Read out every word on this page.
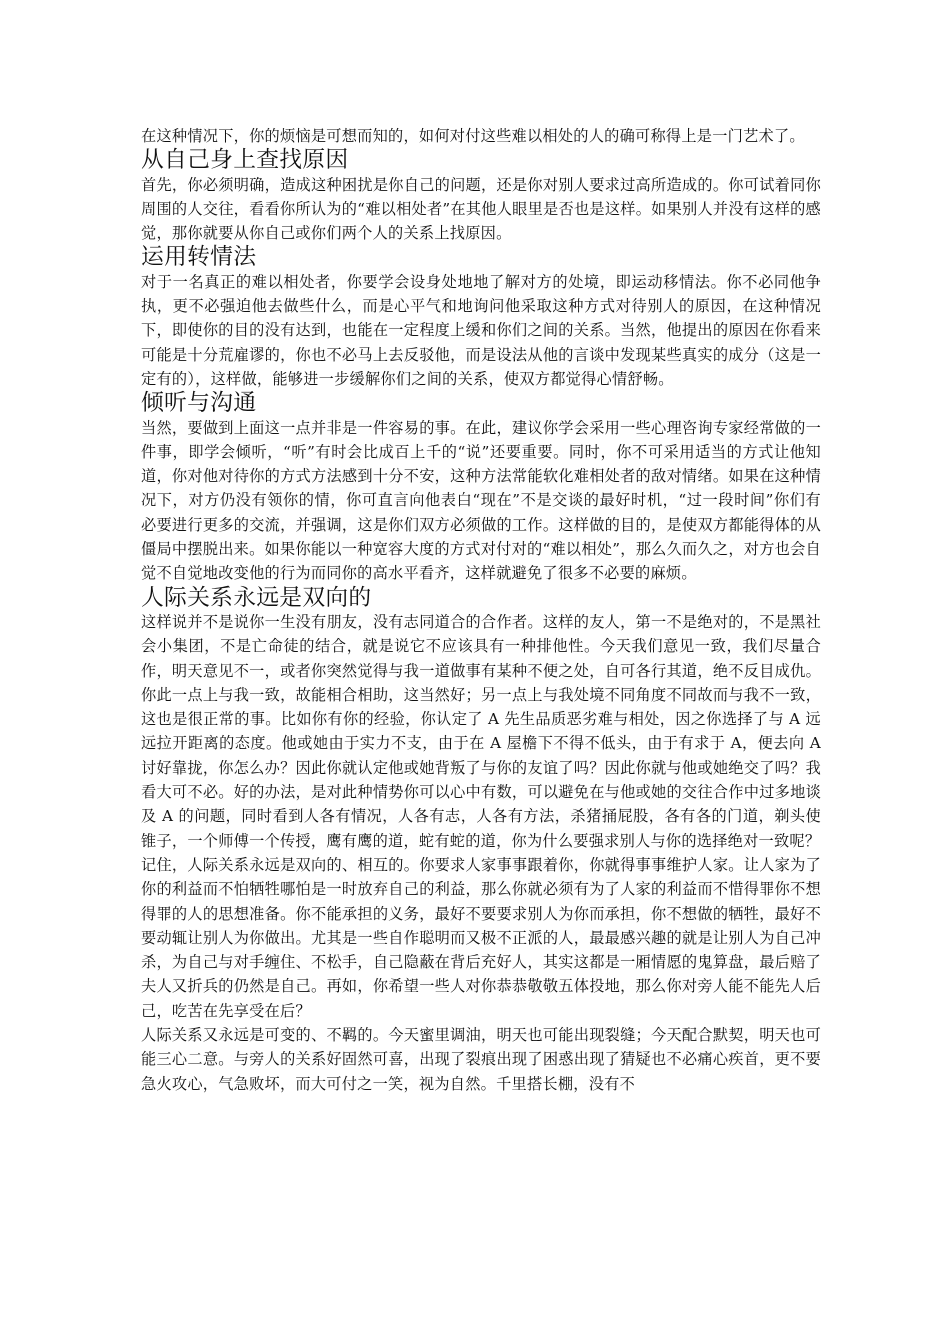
在这种情况下，你的烦恼是可想而知的，如何对付这些难以相处的人的确可称得上是一门艺术了。

从自己身上查找原因

首先，你必须明确，造成这种困扰是你自己的问题，还是你对别人要求过高所造成的。你可试着同你周围的人交往，看看你所认为的“难以相处者”在其他人眼里是否也是这样。如果别人并没有这样的感觉，那你就要从你自己或你们两个人的关系上找原因。

运用转情法

对于一名真正的难以相处者，你要学会设身处地地了解对方的处境，即运动移情法。你不必同他争执，更不必强迫他去做些什么，而是心平气和地询问他采取这种方式对待别人的原因，在这种情况下，即使你的目的没有达到，也能在一定程度上缓和你们之间的关系。当然，他提出的原因在你看来可能是十分荒雇谬的，你也不必马上去反驳他，而是设法从他的言谈中发现某些真实的成分（这是一定有的），这样做，能够进一步缓解你们之间的关系，使双方都觉得心情舒畅。

倾听与沟通

当然，要做到上面这一点并非是一件容易的事。在此，建议你学会采用一些心理咨询专家经常做的一件事，即学会倾听，“听”有时会比成百上千的“说”还要重要。同时，你不可采用适当的方式让他知道，你对他对待你的方式方法感到十分不安，这种方法常能软化难相处者的敌对情绪。如果在这种情况下，对方仍没有领你的情，你可直言向他表白“现在”不是交谈的最好时机，“过一段时间”你们有必要进行更多的交流，并强调，这是你们双方必须做的工作。这样做的目的，是使双方都能得体的从僵局中摆脱出来。如果你能以一种宽容大度的方式对付对的“难以相处”，那么久而久之，对方也会自觉不自觉地改变他的行为而同你的高水平看齐，这样就避免了很多不必要的麻烦。

人际关系永远是双向的

这样说并不是说你一生没有朋友，没有志同道合的合作者。这样的友人，第一不是绝对的，不是黑社会小集团，不是亡命徒的结合，就是说它不应该具有一种排他性。今天我们意见一致，我们尽量合作，明天意见不一，或者你突然觉得与我一道做事有某种不便之处，自可各行其道，绝不反目成仇。你此一点上与我一致，故能相合相助，这当然好；另一点上与我处境不同角度不同故而与我不一致，这也是很正常的事。比如你有你的经验，你认定了 A 先生品质恶劣难与相处，因之你选择了与 A 远远拉开距离的态度。他或她由于实力不支，由于在 A 屋檐下不得不低头，由于有求于 A，便去向 A 讨好靠拢，你怎么办？因此你就认定他或她背叛了与你的友谊了吗？因此你就与他或她绝交了吗？我看大可不必。好的办法，是对此种情势你可以心中有数，可以避免在与他或她的交往合作中过多地谈及 A 的问题，同时看到人各有情况，人各有志，人各有方法，杀猪捅屁股，各有各的门道，剃头使锥子，一个师傅一个传授，鹰有鹰的道，蛇有蛇的道，你为什么要强求别人与你的选择绝对一致呢？

记住，人际关系永远是双向的、相互的。你要求人家事事跟着你，你就得事事维护人家。让人家为了你的利益而不怕牺牲哪怕是一时放弃自己的利益，那么你就必须有为了人家的利益而不惜得罪你不想得罪的人的思想准备。你不能承担的义务，最好不要要求别人为你而承担，你不想做的牺牲，最好不要动辄让别人为你做出。尤其是一些自作聪明而又极不正派的人，最最感兴趣的就是让别人为自己冲杀，为自己与对手缠住、不松手，自己隐蔽在背后充好人，其实这都是一厢情愿的鬼算盘，最后赔了夫人又折兵的仍然是自己。再如，你希望一些人对你恭恭敬敬五体投地，那么你对旁人能不能先人后己，吃苦在先享受在后？

人际关系又永远是可变的、不羁的。今天蜜里调油，明天也可能出现裂缝；今天配合默契，明天也可能三心二意。与旁人的关系好固然可喜，出现了裂痕出现了困惑出现了猜疑也不必痛心疾首，更不要急火攻心，气急败坏，而大可付之一笑，视为自然。千里搭长棚，没有不
